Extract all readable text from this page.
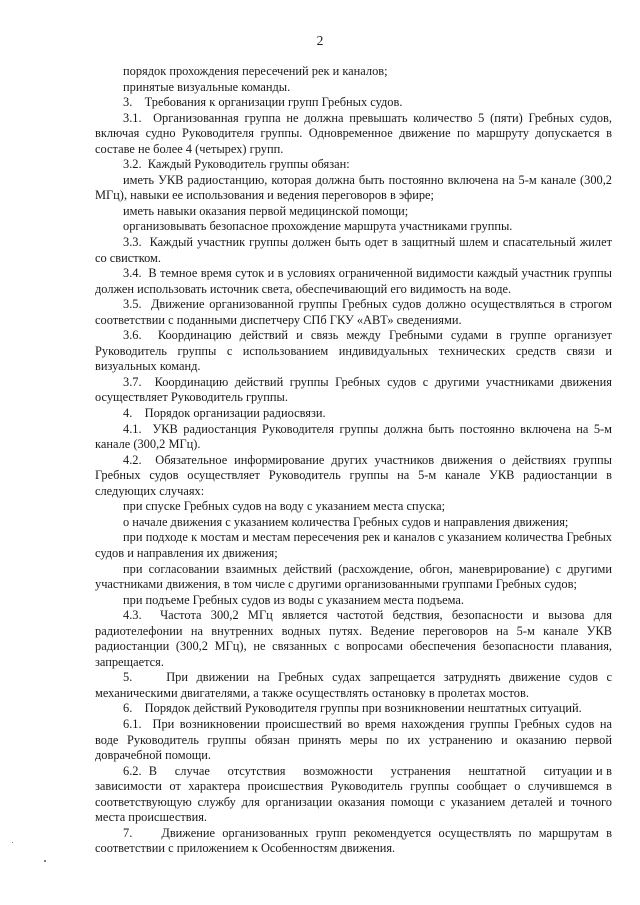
2

порядок прохождения пересечений рек и каналов;

принятые визуальные команды.

3.    Требования к организации групп Гребных судов.

3.1.  Организованная группа не должна превышать количество 5 (пяти) Гребных судов, включая судно Руководителя группы. Одновременное движение по маршруту допускается в составе не более 4 (четырех) групп.

3.2.  Каждый Руководитель группы обязан:

иметь УКВ радиостанцию, которая должна быть постоянно включена на 5-м канале (300,2 МГц), навыки ее использования и ведения переговоров в эфире;

иметь навыки оказания первой медицинской помощи;

организовывать безопасное прохождение маршрута участниками группы.

3.3.  Каждый участник группы должен быть одет в защитный шлем и спасательный жилет со свистком.

3.4.  В темное время суток и в условиях ограниченной видимости каждый участник группы должен использовать источник света, обеспечивающий его видимость на воде.

3.5.  Движение организованной группы Гребных судов должно осуществляться в строгом соответствии с поданными диспетчеру СПб ГКУ «АВТ» сведениями.

3.6.  Координацию действий и связь между Гребными судами в группе организует Руководитель группы с использованием индивидуальных технических средств связи и визуальных команд.

3.7.  Координацию действий группы Гребных судов с другими участниками движения осуществляет Руководитель группы.

4.    Порядок организации радиосвязи.

4.1.  УКВ радиостанция Руководителя группы должна быть постоянно включена на 5-м канале (300,2 МГц).

4.2.  Обязательное информирование других участников движения о действиях группы Гребных судов осуществляет Руководитель группы на 5-м канале УКВ радиостанции в следующих случаях:

при спуске Гребных судов на воду с указанием места спуска;

о начале движения с указанием количества Гребных судов и направления движения;

при подходе к мостам и местам пересечения рек и каналов с указанием количества Гребных судов и направления их движения;

при согласовании взаимных действий (расхождение, обгон, маневрирование) с другими участниками движения, в том числе с другими организованными группами Гребных судов;

при подъеме Гребных судов из воды с указанием места подъема.

4.3.  Частота 300,2 МГц является частотой бедствия, безопасности и вызова для радиотелефонии на внутренних водных путях. Ведение переговоров на 5-м канале УКВ радиостанции (300,2 МГц), не связанных с вопросами обеспечения безопасности плавания, запрещается.

5.    При движении на Гребных судах запрещается затруднять движение судов с механическими двигателями, а также осуществлять остановку в пролетах мостов.

6.    Порядок действий Руководителя группы при возникновении нештатных ситуаций.

6.1.  При возникновении происшествий во время нахождения группы Гребных судов на воде Руководитель группы обязан принять меры по их устранению и оказанию первой доврачебной помощи.

6.2.  В     случае     отсутствия     возможности     устранения     нештатной     ситуации и в зависимости от характера происшествия Руководитель группы сообщает о случившемся в соответствующую службу для организации оказания помощи с указанием деталей и точного места происшествия.

7.    Движение организованных групп рекомендуется осуществлять по маршрутам в соответствии с приложением к Особенностям движения.
